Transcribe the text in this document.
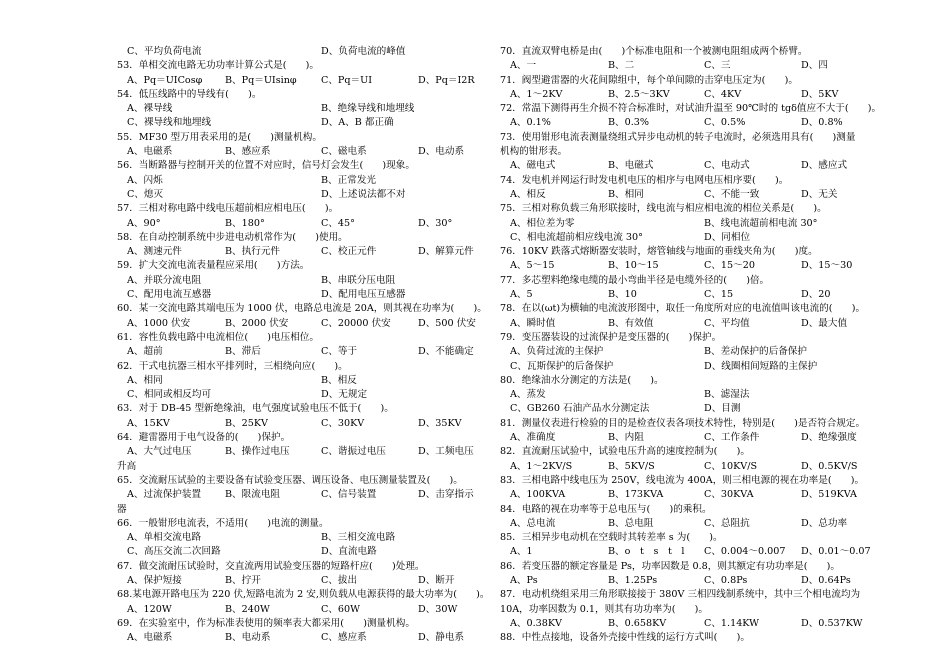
C、平均负荷电流	D、负荷电流的峰值
53．单相交流电路无功功率计算公式是(　　)。
A、Pq＝UICosφ B、Pq＝UIsinφ	C、Pq＝UI	D、Pq＝I2R
54．低压线路中的导线有(　　)。
A、裸导线	B、绝缘导线和地埋线
C、裸导线和地埋线	D、A、B 都正确
55．MF30 型万用表采用的是(　　)测量机构。
A、电磁系	B、感应系	C、磁电系	D、电动系
56．当断路器与控制开关的位置不对应时，信号灯会发生(　　)现象。
A、闪烁	B、正常发光
C、熄灭	D、上述说法都不对
57．三相对称电路中线电压超前相应相电压(　　)。
A、90°	B、180°	C、45°	D、30°
58．在自动控制系统中步进电动机常作为(　　)使用。
A、测速元件	B、执行元件	C、校正元件	D、解算元件
59．扩大交流电流表量程应采用(　　)方法。
A、并联分流电阻	B、串联分压电阻
C、配用电流互感器	D、配用电压互感器
60．某一交流电路其端电压为 1000 伏，电路总电流是 20A，则其视在功率为(　　)。
A、1000 伏安	B、2000 伏安	C、20000 伏安	D、500 伏安
61．容性负载电路中电流相位(　　)电压相位。
A、超前	B、滞后	C、等于	D、不能确定
62．干式电抗器三相水平排列时，三相绕向应(　　)。
A、相同	B、相反
C、相同或相反均可	D、无规定
63．对于 DB-45 型新绝缘油，电气强度试验电压不低于(　　)。
A、15KV	B、25KV	C、30KV	D、35KV
64．避雷器用于电气设备的(　　)保护。
A、大气过电压	B、操作过电压	C、谐振过电压	D、工频电压
升高
65．交流耐压试验的主要设备有试验变压器、调压设备、电压测量装置及(　　)。
A、过流保护装置 B、限流电阻	C、信号装置	D、击穿指示
器
66．一般钳形电流表，不适用(　　)电流的测量。
A、单相交流电路	B、三相交流电路
C、高压交流二次回路	D、直流电路
67．做交流耐压试验时，交直流两用试验变压器的短路杆应(　　)处理。
A、保护短接	B、拧开	C、拔出	D、断开
68.某电源开路电压为 220 伏,短路电流为 2 安,则负载从电源获得的最大功率为(　　)。
A、120W	B、240W	C、60W	D、30W
69．在实验室中，作为标准表使用的频率表大都采用(　　)测量机构。
A、电磁系	B、电动系	C、感应系	D、静电系
70．直流双臂电桥是由(　　)个标准电阻和一个被测电阻组成两个桥臂。
A、一	B、二	C、三	D、四
71．阀型避雷器的火花间隙组中，每个单间隙的击穿电压定为(　　)。
A、1～2KV	B、2.5～3KV	C、4KV	D、5KV
72．常温下测得再生介损不符合标准时，对试油升温至 90℃时的 tgδ值应不大于(　　)。
A、0.1%	B、0.3%	C、0.5%	D、0.8%
73．使用钳形电流表测量绕组式异步电动机的转子电流时，必须选用具有(　　)测量机构的钳形表。
A、磁电式	B、电磁式	C、电动式	D、感应式
74．发电机并网运行时发电机电压的相序与电网电压相序要(　　)。
A、相反	B、相同	C、不能一致	D、无关
75．三相对称负载三角形联接时，线电流与相应相电流的相位关系是(　　)。
A、相位差为零	B、线电流超前相电流 30°
C、相电流超前相应线电流 30°	D、同相位
76．10KV 跌落式熔断器安装时，熔管轴线与地面的垂线夹角为(　　)度。
A、5～15	B、10～15	C、15～20	D、15～30
77．多芯塑料绝缘电缆的最小弯曲半径是电缆外径的(　　)倍。
A、5	B、10	C、15	D、20
78．在以(ωt)为横轴的电流波形图中，取任一角度所对应的电流值叫该电流的(　　)。
A、瞬时值	B、有效值	C、平均值	D、最大值
79．变压器装设的过流保护是变压器的(　　)保护。
A、负荷过流的主保护	B、差动保护的后备保护
C、瓦斯保护的后备保护	D、线圈相间短路的主保护
80．绝缘油水分测定的方法是(　　)。
A、蒸发	B、滤湿法
C、GB260 石油产品水分测定法	D、目测
81．测量仪表进行检验的目的是检查仪表各项技术特性，特别是(　　)是否符合规定。
A、准确度	B、内阻	C、工作条件	D、绝缘强度
82．直流耐压试验中，试验电压升高的速度控制为(　　)。
A、1～2KV/S	B、5KV/S	C、10KV/S	D、0.5KV/S
83．三相电路中线电压为 250V，线电流为 400A，则三相电源的视在功率是(　　)。
A、100KVA	B、173KVA	C、30KVA	D、519KVA
84．电路的视在功率等于总电压与(　　)的乘积。
A、总电流	B、总电阻	C、总阻抗	D、总功率
85．三相异步电动机在空载时其转差率 s 为(　　)。
A、1	B、o　t　s　t　l C、0.004～0.007 D、0.01～0.07
86．若变压器的额定容量是 Ps，功率因数是 0.8，则其额定有功功率是(　　)。
A、Ps	B、1.25Ps	C、0.8Ps	D、0.64Ps
87．电动机绕组采用三角形联接接于 380V 三相四线制系统中，其中三个相电流均为 10A，功率因数为 0.1，则其有功功率为(　　)。
A、0.38KV	B、0.658KV	C、1.14KW	D、0.537KW
88．中性点接地，设备外壳接中性线的运行方式叫(　　)。
